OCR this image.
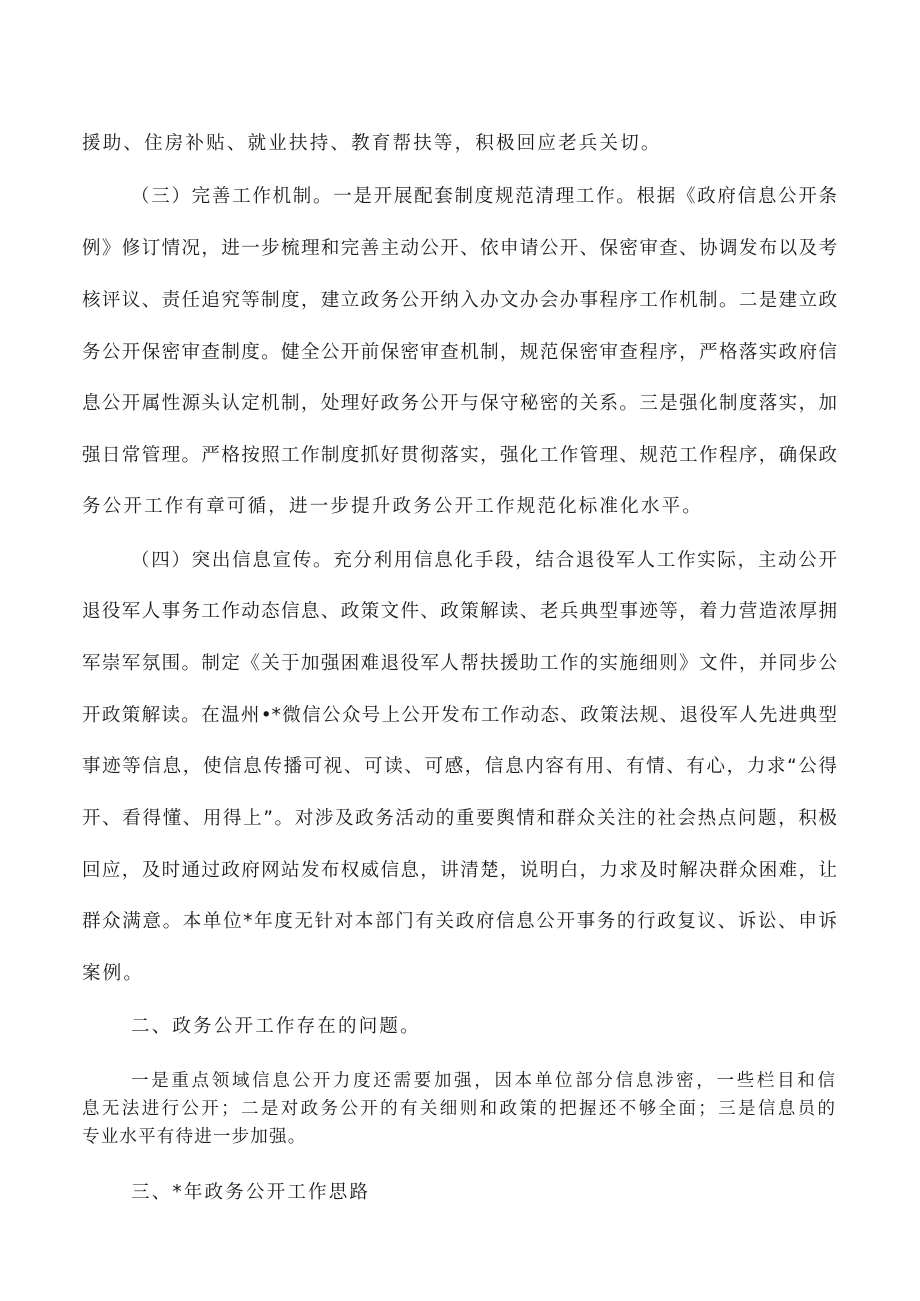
援助、住房补贴、就业扶持、教育帮扶等，积极回应老兵关切。
（三）完善工作机制。一是开展配套制度规范清理工作。根据《政府信息公开条
例》修订情况，进一步梳理和完善主动公开、依申请公开、保密审查、协调发布以及考
核评议、责任追究等制度，建立政务公开纳入办文办会办事程序工作机制。二是建立政
务公开保密审查制度。健全公开前保密审查机制，规范保密审查程序，严格落实政府信
息公开属性源头认定机制，处理好政务公开与保守秘密的关系。三是强化制度落实，加
强日常管理。严格按照工作制度抓好贯彻落实，强化工作管理、规范工作程序，确保政
务公开工作有章可循，进一步提升政务公开工作规范化标准化水平。
（四）突出信息宣传。充分利用信息化手段，结合退役军人工作实际，主动公开
退役军人事务工作动态信息、政策文件、政策解读、老兵典型事迹等，着力营造浓厚拥
军崇军氛围。制定《关于加强困难退役军人帮扶援助工作的实施细则》文件，并同步公
开政策解读。在温州•*微信公众号上公开发布工作动态、政策法规、退役军人先进典型
事迹等信息，使信息传播可视、可读、可感，信息内容有用、有情、有心，力求“公得
开、看得懂、用得上”。对涉及政务活动的重要舆情和群众关注的社会热点问题，积极
回应，及时通过政府网站发布权威信息，讲清楚，说明白，力求及时解决群众困难，让
群众满意。本单位*年度无针对本部门有关政府信息公开事务的行政复议、诉讼、申诉
案例。
二、政务公开工作存在的问题。
一是重点领域信息公开力度还需要加强，因本单位部分信息涉密，一些栏目和信
息无法进行公开；二是对政务公开的有关细则和政策的把握还不够全面；三是信息员的
专业水平有待进一步加强。
三、*年政务公开工作思路
